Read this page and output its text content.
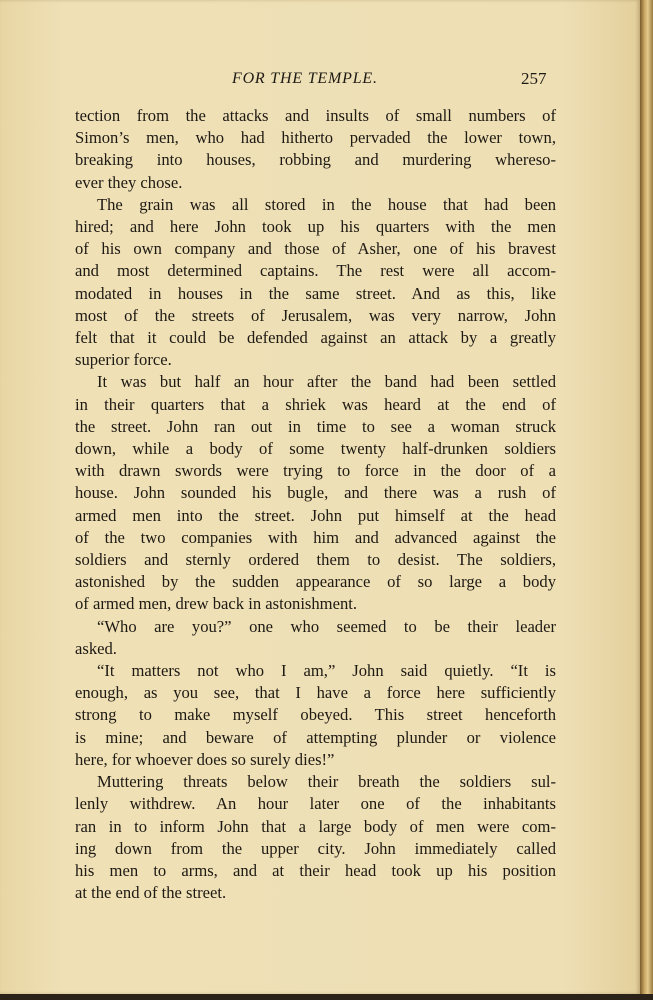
FOR THE TEMPLE.	257
tection from the attacks and insults of small numbers of
Simon’s men, who had hitherto pervaded the lower town,
breaking into houses, robbing and murdering whereso-
ever they chose.
The grain was all stored in the house that had been
hired; and here John took up his quarters with the men
of his own company and those of Asher, one of his bravest
and most determined captains. The rest were all accom-
modated in houses in the same street. And as this, like
most of the streets of Jerusalem, was very narrow, John
felt that it could be defended against an attack by a greatly
superior force.
It was but half an hour after the band had been settled
in their quarters that a shriek was heard at the end of
the street. John ran out in time to see a woman struck
down, while a body of some twenty half-drunken soldiers
with drawn swords were trying to force in the door of a
house. John sounded his bugle, and there was a rush of
armed men into the street. John put himself at the head
of the two companies with him and advanced against the
soldiers and sternly ordered them to desist. The soldiers,
astonished by the sudden appearance of so large a body
of armed men, drew back in astonishment.
“Who are you?” one who seemed to be their leader
asked.
“It matters not who I am,” John said quietly. “It is
enough, as you see, that I have a force here sufficiently
strong to make myself obeyed. This street henceforth
is mine; and beware of attempting plunder or violence
here, for whoever does so surely dies!”
Muttering threats below their breath the soldiers sul-
lenly withdrew. An hour later one of the inhabitants
ran in to inform John that a large body of men were com-
ing down from the upper city. John immediately called
his men to arms, and at their head took up his position
at the end of the street.
